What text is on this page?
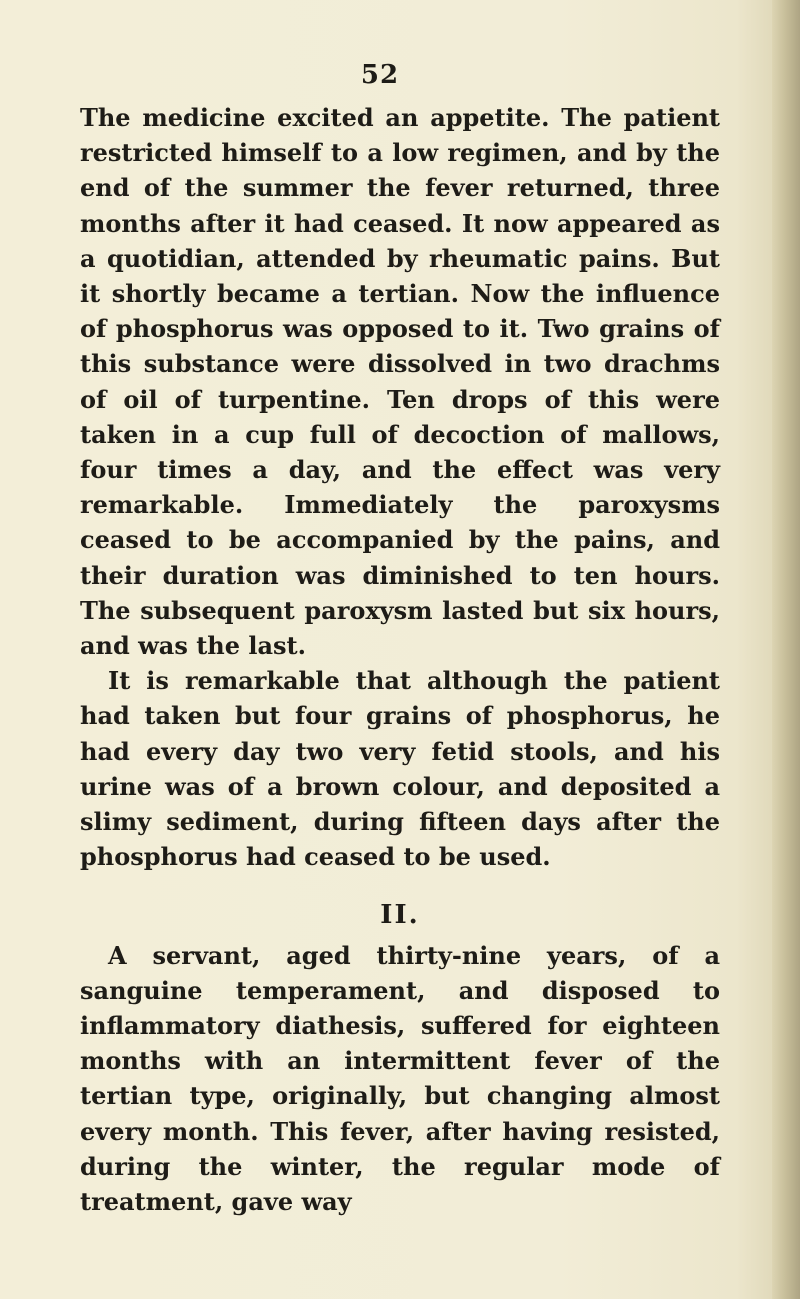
52

The medicine excited an appetite. The patient restricted himself to a low regimen, and by the end of the summer the fever returned, three months after it had ceased. It now appeared as a quotidian, attended by rheumatic pains. But it shortly became a tertian. Now the influence of phosphorus was opposed to it. Two grains of this substance were dissolved in two drachms of oil of turpentine. Ten drops of this were taken in a cup full of decoction of mallows, four times a day, and the effect was very remarkable. Immediately the paroxysms ceased to be accompanied by the pains, and their duration was diminished to ten hours. The subsequent paroxysm lasted but six hours, and was the last.

It is remarkable that although the patient had taken but four grains of phosphorus, he had every day two very fetid stools, and his urine was of a brown colour, and deposited a slimy sediment, during fifteen days after the phosphorus had ceased to be used.

II.

A servant, aged thirty-nine years, of a sanguine temperament, and disposed to inflammatory diathesis, suffered for eighteen months with an intermittent fever of the tertian type, originally, but changing almost every month. This fever, after having resisted, during the winter, the regular mode of treatment, gave way
